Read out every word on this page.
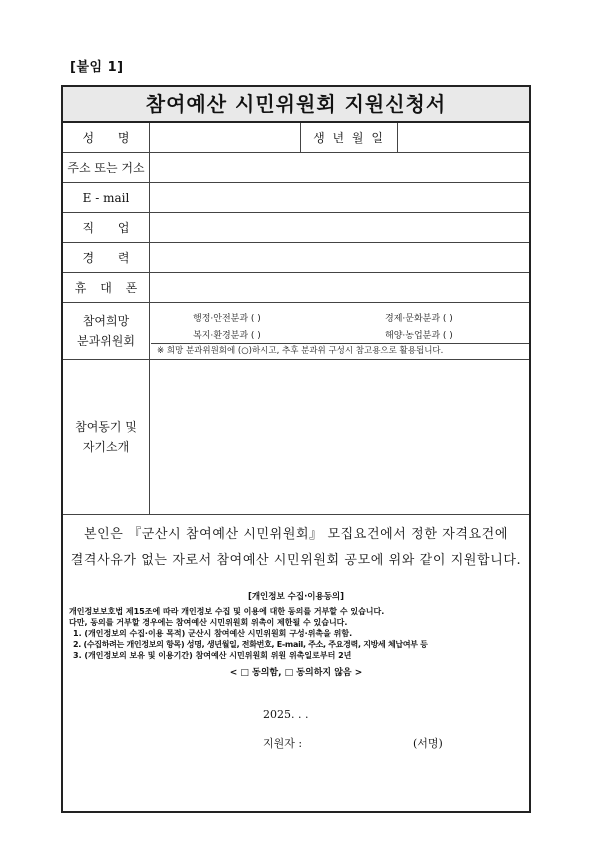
[붙임 1]
참여예산 시민위원회 지원신청서
성 명	생 년 월 일
주소 또는 거소
E - mail
직 업
경 력
휴 대 폰
참여희망
분과위원회
행정·안전분과 ( )	경제·문화분과 ( )
복지·환경분과 ( )	해양·농업분과 ( )
※ 희망 분과위원회에 (○)하시고, 추후 분과위 구성시 참고용으로 활용됩니다.
참여동기 및
자기소개
본인은 『군산시 참여예산 시민위원회』 모집요건에서 정한 자격요건에
결격사유가 없는 자로서 참여예산 시민위원회 공모에 위와 같이 지원합니다.
[개인정보 수집·이용동의]
개인정보보호법 제15조에 따라 개인정보 수집 및 이용에 대한 동의를 거부할 수 있습니다.
다만, 동의를 거부할 경우에는 참여예산 시민위원회 위촉이 제한될 수 있습니다.
1. (개인정보의 수집·이용 목적) 군산시 참여예산 시민위원회 구성·위촉을 위함.
2. (수집하려는 개인정보의 항목) 성명, 생년월일, 전화번호, E-mail, 주소, 주요경력, 지방세 체납여부 등
3. (개인정보의 보유 및 이용기간) 참여예산 시민위원회 위원 위촉일로부터 2년
< □ 동의함, □ 동의하지 않음 >
2025. . .
지원자 :	(서명)
